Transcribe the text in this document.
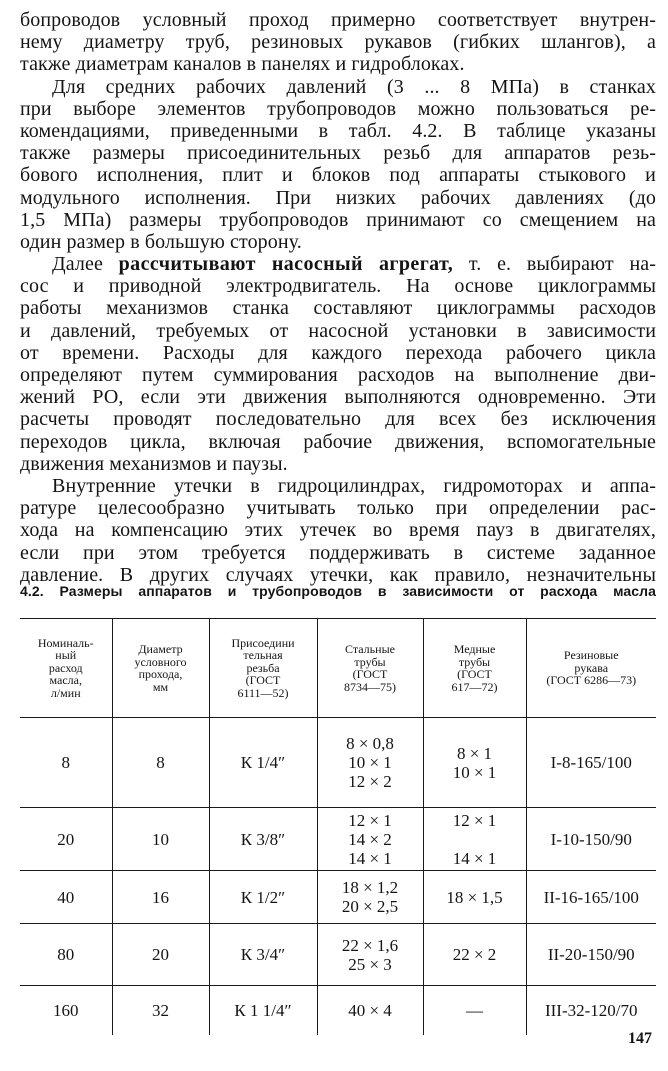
бопроводов условный проход примерно соответствует внутрен-
нему диаметру труб, резиновых рукавов (гибких шлангов), а
также диаметрам каналов в панелях и гидроблоках.
Для средних рабочих давлений (3 ... 8 МПа) в станках
при выборе элементов трубопроводов можно пользоваться ре-
комендациями, приведенными в табл. 4.2. В таблице указаны
также размеры присоединительных резьб для аппаратов резь-
бового исполнения, плит и блоков под аппараты стыкового и
модульного исполнения. При низких рабочих давлениях (до
1,5 МПа) размеры трубопроводов принимают со смещением на
один размер в большую сторону.
Далее рассчитывают насосный агрегат, т. е. выбирают на-
сос и приводной электродвигатель. На основе циклограммы
работы механизмов станка составляют циклограммы расходов
и давлений, требуемых от насосной установки в зависимости
от времени. Расходы для каждого перехода рабочего цикла
определяют путем суммирования расходов на выполнение дви-
жений РО, если эти движения выполняются одновременно. Эти
расчеты проводят последовательно для всех без исключения
переходов цикла, включая рабочие движения, вспомогательные
движения механизмов и паузы.
Внутренние утечки в гидроцилиндрах, гидромоторах и аппа-
ратуре целесообразно учитывать только при определении рас-
хода на компенсацию этих утечек во время пауз в двигателях,
если при этом требуется поддерживать в системе заданное
давление. В других случаях утечки, как правило, незначительны
4.2. Размеры аппаратов и трубопроводов в зависимости от расхода масла
Номиналь-
ный
расход
масла,
л/мин	Диаметр
условного
прохода,
мм	Присоедини
тельная
резьба
(ГОСТ
6111—52)	Стальные
трубы
(ГОСТ
8734—75)	Медные
трубы
(ГОСТ
617—72)	Резиновые
рукава
(ГОСТ 6286—73)

8	8	К 1/4″	8 × 0,8
10 × 1
12 × 2	8 × 1
10 × 1	I-8-165/100

20	10	К 3/8″	12 × 1
14 × 2
14 × 1	12 × 1

14 × 1	I-10-150/90

40	16	К 1/2″	18 × 1,2
20 × 2,5	18 × 1,5	II-16-165/100

80	20	К 3/4″	22 × 1,6
25 × 3	22 × 2	II-20-150/90

160	32	К 1 1/4″	40 × 4	—	III-32-120/70
147
